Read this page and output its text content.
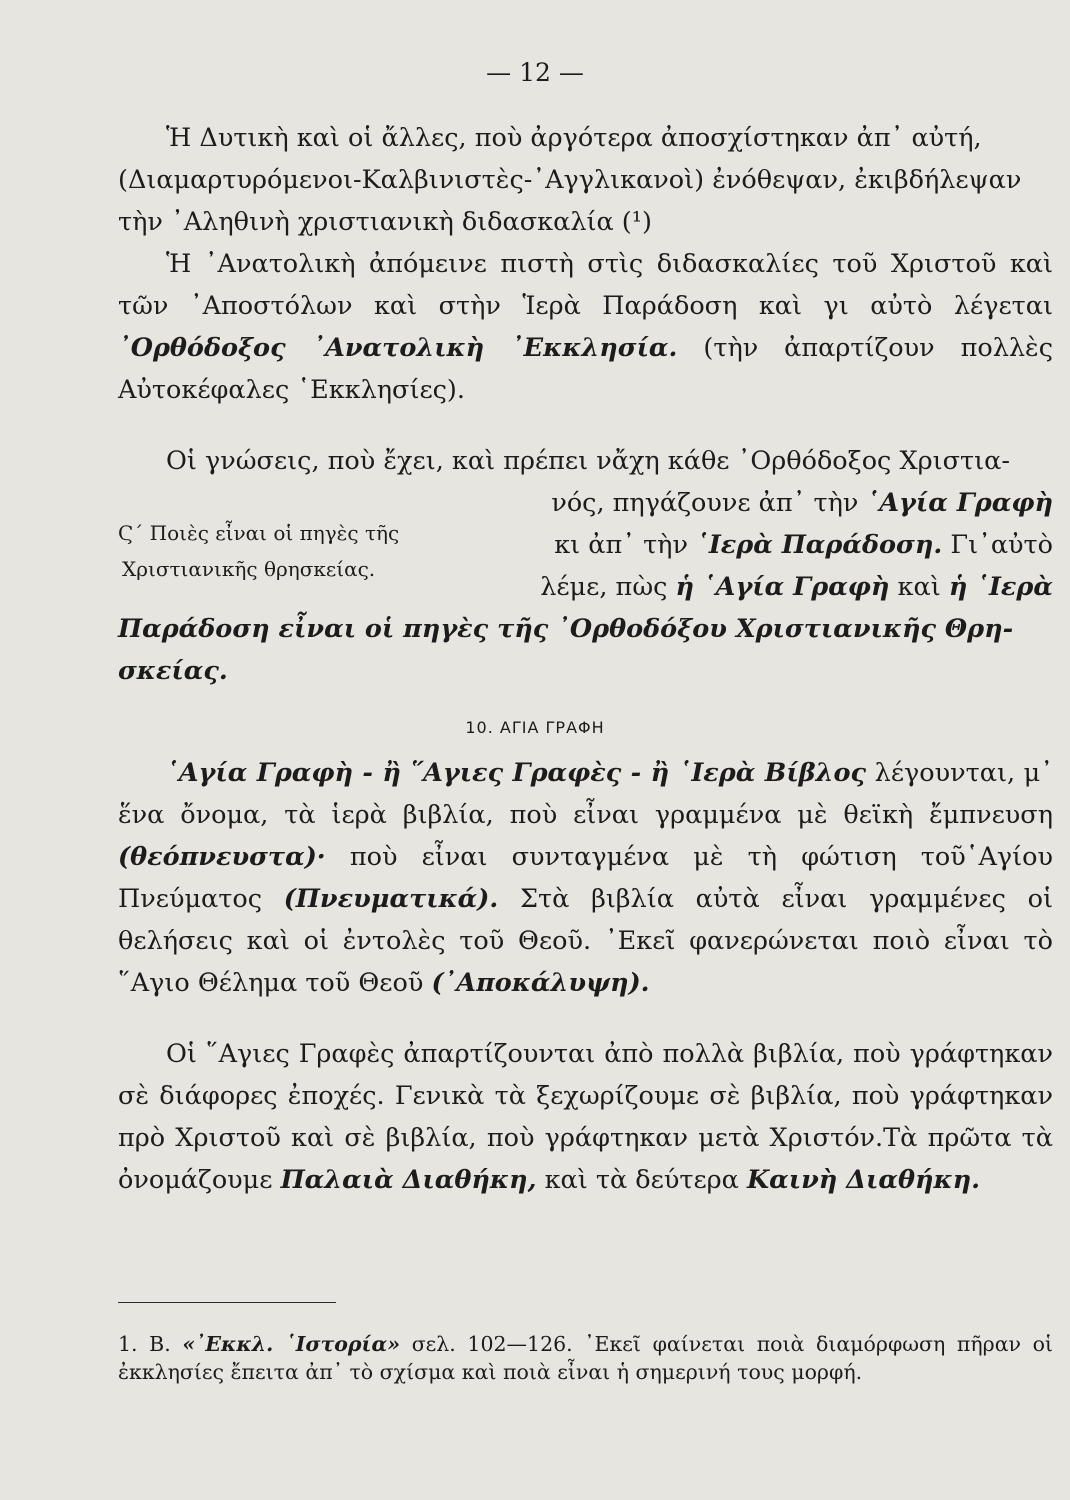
— 12 —
Ἡ Δυτικὴ καὶ οἱ ἄλλες, ποὺ ἀργότερα ἀποσχίστηκαν ἀπ᾿ αὐτή,
(Διαμαρτυρόμενοι-Καλβινιστὲς-᾿Αγγλικανοὶ) ἐνόθεψαν, ἐκιβδήλεψαν
τὴν ᾿Αληθινὴ χριστιανικὴ διδασκαλία (¹)
Ἡ ᾿Ανατολικὴ ἀπόμεινε πιστὴ στὶς διδασκαλίες τοῦ Χριστοῦ καὶ τῶν ᾿Αποστόλων καὶ στὴν Ἱερὰ Παράδοση καὶ γι αὐτὸ λέγεται ᾿Ορθόδοξος ᾿Ανατολικὴ ᾿Εκκλησία. (τὴν ἀπαρτίζουν πολλὲς Αὐτοκέφαλες ῾Εκκλησίες).
Οἱ γνώσεις, ποὺ ἔχει, καὶ πρέπει νἄχη κάθε ᾿Ορθόδοξος Χριστια-
Ϛ΄ Ποιὲς εἶναι οἱ πηγὲς τῆς
Χριστιανικῆς θρησκείας.
νός, πηγάζουνε ἀπ᾿ τὴν ῾Αγία Γραφὴ
κι ἀπ᾿ τὴν ῾Ιερὰ Παράδοση. Γι᾿αὐτὸ
λέμε, πὼς ἡ ῾Αγία Γραφὴ καὶ ἡ ῾Ιερὰ
Παράδοση εἶναι οἱ πηγὲς τῆς ᾿Ορθοδόξου Χριστιανικῆς Θρη-
σκείας.
10. ΑΓΙΑ ΓΡΑΦΗ
῾Αγία Γραφὴ - ἢ ῞Αγιες Γραφὲς - ἢ ῾Ιερὰ Βίβλος λέγουνται, μ᾿ ἕνα ὄνομα, τὰ ἱερὰ βιβλία, ποὺ εἶναι γραμμένα μὲ θεϊκὴ ἔμπνευση (θεόπνευστα)· ποὺ εἶναι συνταγμένα μὲ τὴ φώτιση τοῦ῾Αγίου Πνεύματος (Πνευματικά). Στὰ βιβλία αὐτὰ εἶναι γραμμένες οἱ θελήσεις καὶ οἱ ἐντολὲς τοῦ Θεοῦ. ᾿Εκεῖ φανερώνεται ποιὸ εἶναι τὸ ῞Αγιο Θέλημα τοῦ Θεοῦ (᾿Αποκάλυψη).
Οἱ ῞Αγιες Γραφὲς ἀπαρτίζουνται ἀπὸ πολλὰ βιβλία, ποὺ γράφτηκαν σὲ διάφορες ἐποχές. Γενικὰ τὰ ξεχωρίζουμε σὲ βιβλία, ποὺ γράφτηκαν πρὸ Χριστοῦ καὶ σὲ βιβλία, ποὺ γράφτηκαν μετὰ Χριστόν.Τὰ πρῶτα τὰ ὀνομάζουμε Παλαιὰ Διαθήκη, καὶ τὰ δεύτερα Καινὴ Διαθήκη.
1. Β. «᾿Εκκλ. ῾Ιστορία» σελ. 102—126. ᾿Εκεῖ φαίνεται ποιὰ διαμόρφωση πῆραν οἱ ἐκκλησίες ἔπειτα ἀπ᾿ τὸ σχίσμα καὶ ποιὰ εἶναι ἡ σημερινή τους μορφή.
